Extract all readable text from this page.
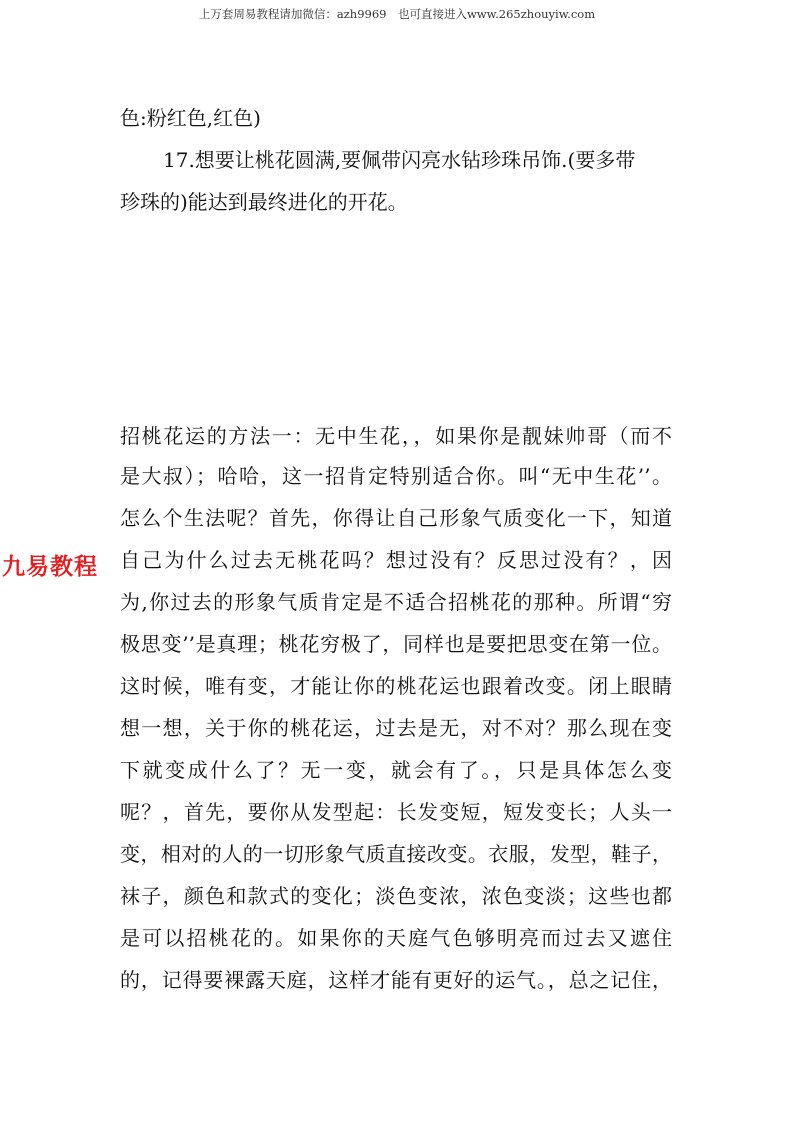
上万套周易教程请加微信：azh9969　也可直接进入www.265zhouyiw.com
色:粉红色,红色)
17.想要让桃花圆满,要佩带闪亮水钻珍珠吊饰.(要多带
珍珠的)能达到最终进化的开花。
九易教程
招桃花运的方法一：无中生花，，如果你是靓妹帅哥（而不
是大叔）；哈哈，这一招肯定特别适合你。叫“无中生花’’。
怎么个生法呢？首先，你得让自己形象气质变化一下，知道
自己为什么过去无桃花吗？想过没有？反思过没有？，因
为,你过去的形象气质肯定是不适合招桃花的那种。所谓“穷
极思变’’是真理；桃花穷极了，同样也是要把思变在第一位。
这时候，唯有变，才能让你的桃花运也跟着改变。闭上眼睛
想一想，关于你的桃花运，过去是无，对不对？那么现在变
下就变成什么了？无一变，就会有了。，只是具体怎么变
呢？，首先，要你从发型起：长发变短，短发变长；人头一
变，相对的人的一切形象气质直接改变。衣服，发型，鞋子，
袜子，颜色和款式的变化；淡色变浓，浓色变淡；这些也都
是可以招桃花的。如果你的天庭气色够明亮而过去又遮住
的，记得要裸露天庭，这样才能有更好的运气。，总之记住，
